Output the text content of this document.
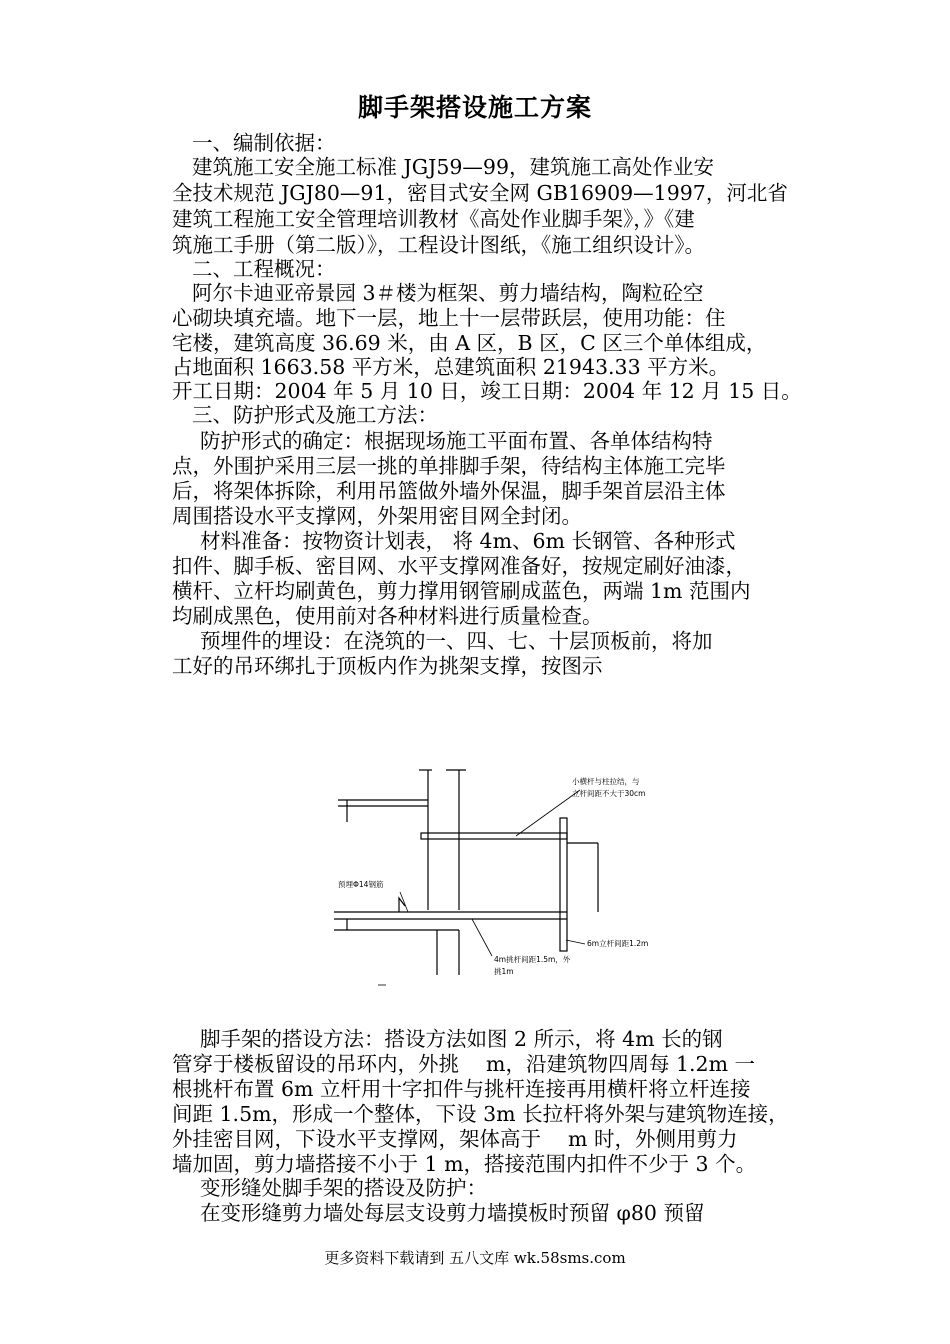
脚手架搭设施工方案
一、编制依据：
建筑施工安全施工标准 JGJ59—99，建筑施工高处作业安
全技术规范 JGJ80—91，密目式安全网 GB16909—1997，河北省
建筑工程施工安全管理培训教材《高处作业脚手架》，》《建
筑施工手册（第二版）》，工程设计图纸，《施工组织设计》。
二、工程概况：
阿尔卡迪亚帝景园 3＃楼为框架、剪力墙结构，陶粒砼空
心砌块填充墙。地下一层，地上十一层带跃层，使用功能：住
宅楼，建筑高度 36.69 米，由 A 区，B 区，C 区三个单体组成，
占地面积 1663.58 平方米，总建筑面积 21943.33 平方米。
开工日期：2004 年 5 月 10 日，竣工日期：2004 年 12 月 15 日。
三、防护形式及施工方法：
防护形式的确定：根据现场施工平面布置、各单体结构特
点，外围护采用三层一挑的单排脚手架，待结构主体施工完毕
后，将架体拆除，利用吊篮做外墙外保温，脚手架首层沿主体
周围搭设水平支撑网，外架用密目网全封闭。
材料准备：按物资计划表， 将 4m、6m 长钢管、各种形式
扣件、脚手板、密目网、水平支撑网准备好，按规定刷好油漆，
横杆、立杆均刷黄色，剪力撑用钢管刷成蓝色，两端 1m 范围内
均刷成黑色，使用前对各种材料进行质量检查。
预埋件的埋设：在浇筑的一、四、七、十层顶板前，将加
工好的吊环绑扎于顶板内作为挑架支撑，按图示
小横杆与柱拉结，与
立杆间距不大于30cm
预埋Φ14钢筋
6m立杆间距1.2m
4m挑杆间距1.5m，外
挑1m
脚手架的搭设方法：搭设方法如图 2 所示，将 4m 长的钢
管穿于楼板留设的吊环内，外挑 　m，沿建筑物四周每 1.2m 一
根挑杆布置 6m 立杆用十字扣件与挑杆连接再用横杆将立杆连接
间距 1.5m，形成一个整体，下设 3m 长拉杆将外架与建筑物连接，
外挂密目网，下设水平支撑网，架体高于 　m 时，外侧用剪力
墙加固，剪力墙搭接不小于 1 m，搭接范围内扣件不少于 3 个。
变形缝处脚手架的搭设及防护：
在变形缝剪力墙处每层支设剪力墙摸板时预留 φ80 预留
更多资料下载请到 五八文库 wk.58sms.com
